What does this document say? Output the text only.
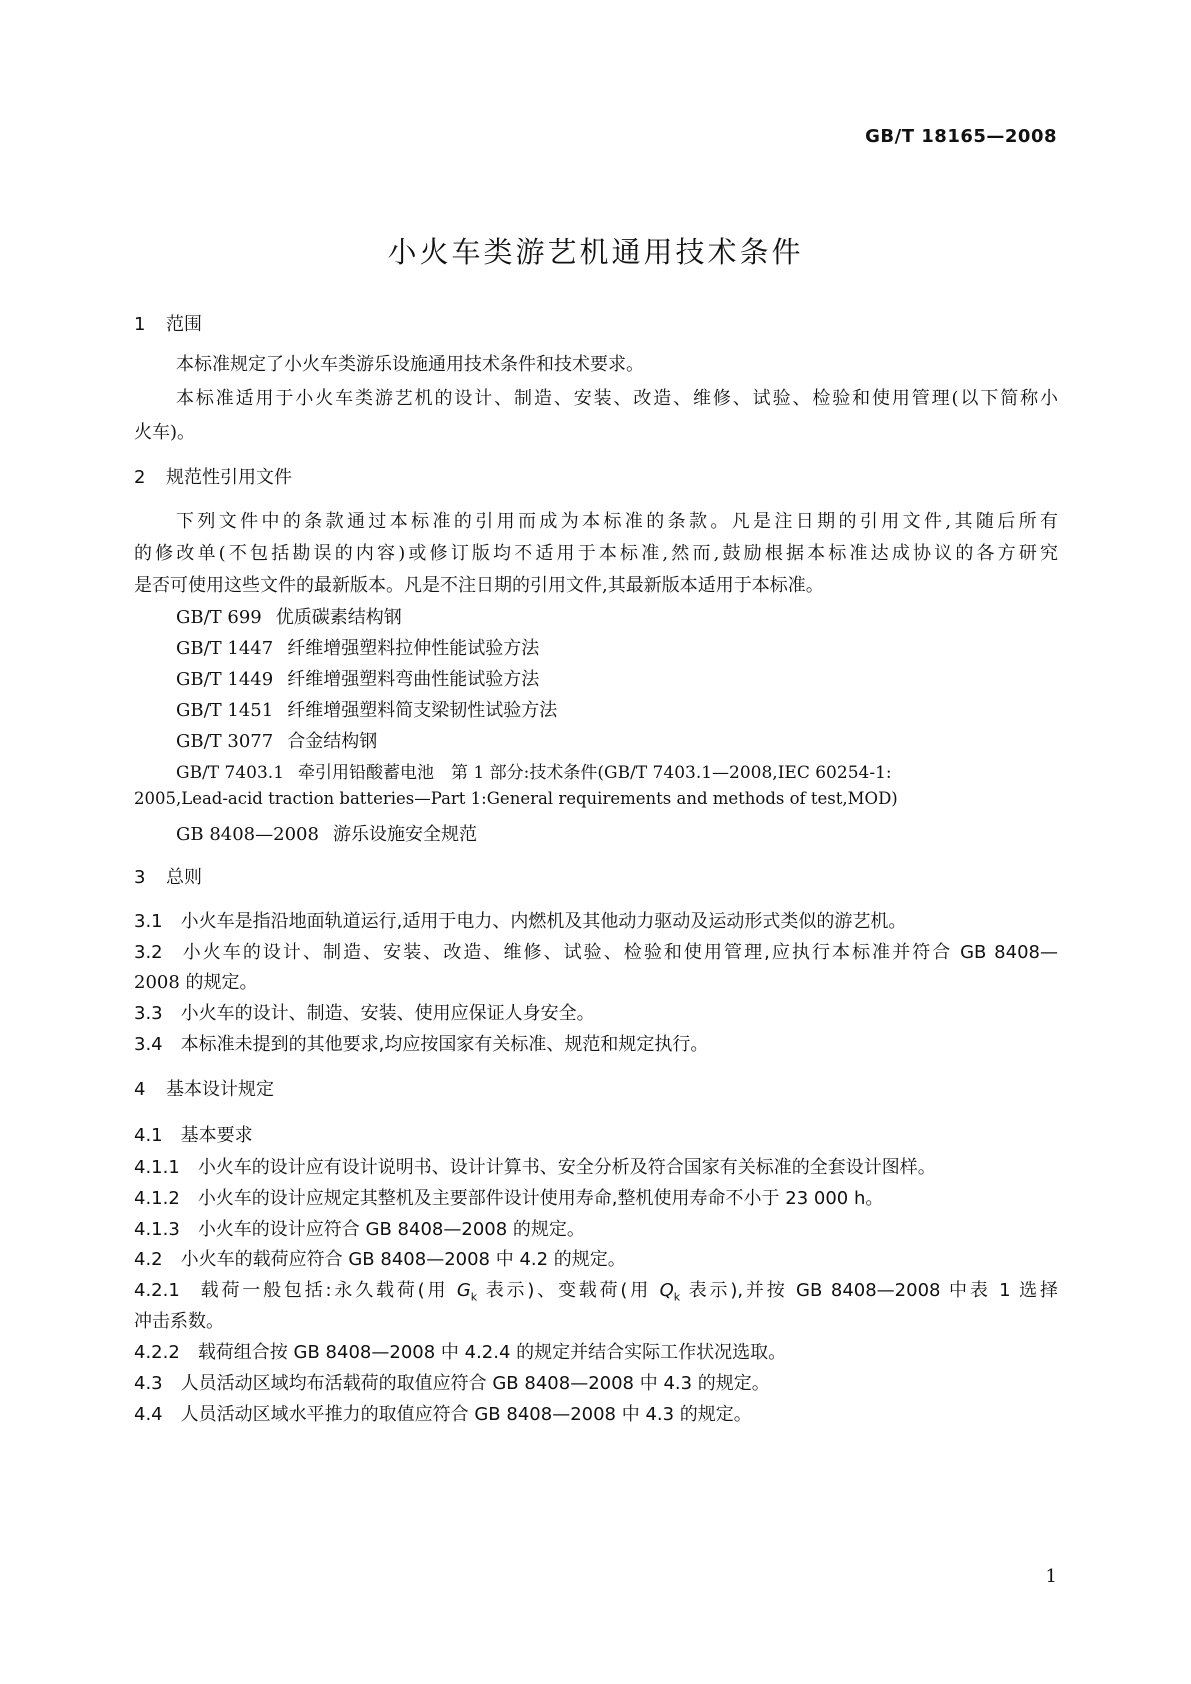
GB/T 18165—2008
小火车类游艺机通用技术条件
1 范围
本标准规定了小火车类游乐设施通用技术条件和技术要求。
本标准适用于小火车类游艺机的设计、制造、安装、改造、维修、试验、检验和使用管理(以下简称小
火车)。
2 规范性引用文件
下列文件中的条款通过本标准的引用而成为本标准的条款。凡是注日期的引用文件,其随后所有
的修改单(不包括勘误的内容)或修订版均不适用于本标准,然而,鼓励根据本标准达成协议的各方研究
是否可使用这些文件的最新版本。凡是不注日期的引用文件,其最新版本适用于本标准。
GB/T 699 优质碳素结构钢
GB/T 1447 纤维增强塑料拉伸性能试验方法
GB/T 1449 纤维增强塑料弯曲性能试验方法
GB/T 1451 纤维增强塑料简支梁韧性试验方法
GB/T 3077 合金结构钢
GB/T 7403.1 牵引用铅酸蓄电池　第 1 部分:技术条件(GB/T 7403.1—2008,IEC 60254-1:
2005,Lead-acid traction batteries—Part 1:General requirements and methods of test,MOD)
GB 8408—2008 游乐设施安全规范
3 总则
3.1 小火车是指沿地面轨道运行,适用于电力、内燃机及其他动力驱动及运动形式类似的游艺机。
3.2 小火车的设计、制造、安装、改造、维修、试验、检验和使用管理,应执行本标准并符合 GB 8408—
2008 的规定。
3.3 小火车的设计、制造、安装、使用应保证人身安全。
3.4 本标准未提到的其他要求,均应按国家有关标准、规范和规定执行。
4 基本设计规定
4.1 基本要求
4.1.1 小火车的设计应有设计说明书、设计计算书、安全分析及符合国家有关标准的全套设计图样。
4.1.2 小火车的设计应规定其整机及主要部件设计使用寿命,整机使用寿命不小于 23 000 h。
4.1.3 小火车的设计应符合 GB 8408—2008 的规定。
4.2 小火车的载荷应符合 GB 8408—2008 中 4.2 的规定。
4.2.1 载荷一般包括:永久载荷(用 $G_k$ 表示)、变载荷(用 $Q_k$ 表示),并按 GB 8408—2008 中表 1 选择
冲击系数。
4.2.2 载荷组合按 GB 8408—2008 中 4.2.4 的规定并结合实际工作状况选取。
4.3 人员活动区域均布活载荷的取值应符合 GB 8408—2008 中 4.3 的规定。
4.4 人员活动区域水平推力的取值应符合 GB 8408—2008 中 4.3 的规定。
1
